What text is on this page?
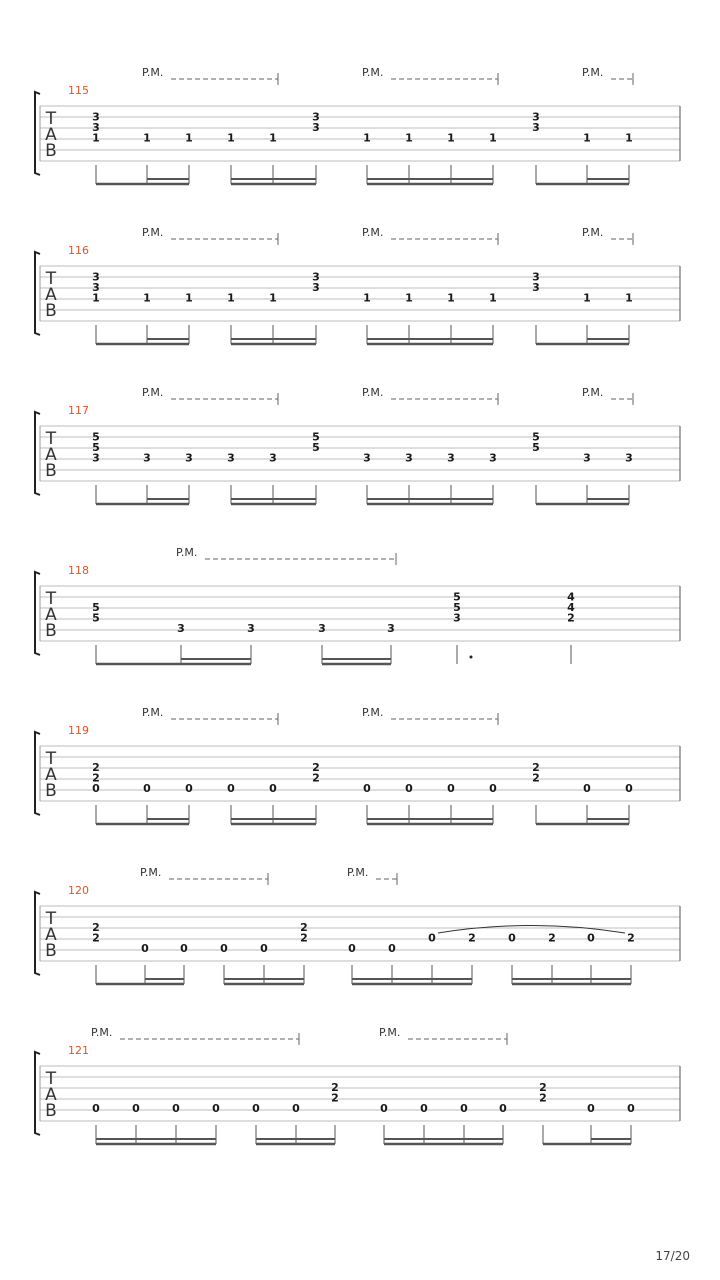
T
A
B
115
P.M.	P.M.	P.M.
3
3
1	1	1	1	1
3
3
1	1	1	1
3
3
1	1
T
A
B
116
P.M.	P.M.	P.M.
3
3
1	1	1	1	1
3
3
1	1	1	1
3
3
1	1
T
A
B
117
P.M.	P.M.	P.M.
5
5
3	3	3	3	3
5
5
3	3	3	3
5
5
3	3
T
A
B
118
P.M.
5
5
3	3	3	3
5
5
3
4
4
2
T
A
B
119
P.M.	P.M.
2
2
0	0	0	0	0
2
2
0	0	0	0
2
2
0	0
T
A
B
120
P.M.	P.M.
2
2
0	0	0	0
2
2
0	0
0	2	0	2	0	2
T
A
B
121
P.M.	P.M.
0	0	0	0	0	0
2
2
0	0	0	0
2
2
0	0
17/20
